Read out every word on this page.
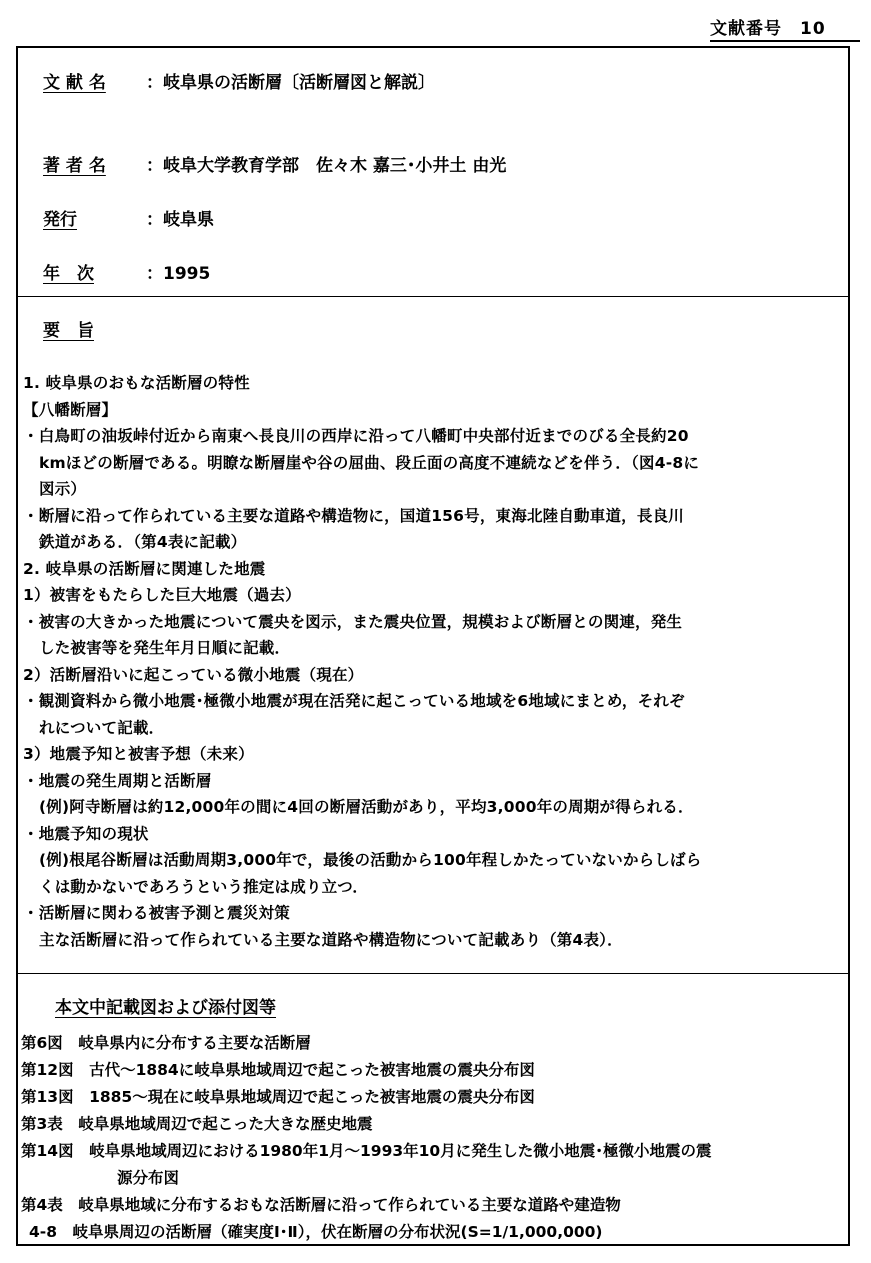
文献番号　10
文 献 名 ：岐阜県の活断層〔活断層図と解説〕
著 者 名 ：岐阜大学教育学部　佐々木 嘉三･小井土 由光
発行	：岐阜県
年　次	：1995
要　旨
1. 岐阜県のおもな活断層の特性
【八幡断層】
・白鳥町の油坂峠付近から南東へ長良川の西岸に沿って八幡町中央部付近までのびる全長約20
kmほどの断層である。明瞭な断層崖や谷の屈曲、段丘面の高度不連続などを伴う．（図4-8に
図示）
・断層に沿って作られている主要な道路や構造物に，国道156号，東海北陸自動車道，長良川
鉄道がある．（第4表に記載）
2. 岐阜県の活断層に関連した地震
1）被害をもたらした巨大地震（過去）
・被害の大きかった地震について震央を図示，また震央位置，規模および断層との関連，発生
した被害等を発生年月日順に記載．
2）活断層沿いに起こっている微小地震（現在）
・観測資料から微小地震･極微小地震が現在活発に起こっている地域を6地域にまとめ，それぞ
れについて記載．
3）地震予知と被害予想（未来）
・地震の発生周期と活断層
(例)阿寺断層は約12,000年の間に4回の断層活動があり，平均3,000年の周期が得られる．
・地震予知の現状
(例)根尾谷断層は活動周期3,000年で，最後の活動から100年程しかたっていないからしばら
くは動かないであろうという推定は成り立つ．
・活断層に関わる被害予測と震災対策
主な活断層に沿って作られている主要な道路や構造物について記載あり（第4表）．
本文中記載図および添付図等
第6図　岐阜県内に分布する主要な活断層
第12図　古代～1884に岐阜県地域周辺で起こった被害地震の震央分布図
第13図　1885～現在に岐阜県地域周辺で起こった被害地震の震央分布図
第3表　岐阜県地域周辺で起こった大きな歴史地震
第14図　岐阜県地域周辺における1980年1月～1993年10月に発生した微小地震･極微小地震の震
源分布図
第4表　岐阜県地域に分布するおもな活断層に沿って作られている主要な道路や建造物
4-8　岐阜県周辺の活断層（確実度Ⅰ･Ⅱ），伏在断層の分布状況(S=1/1,000,000)
